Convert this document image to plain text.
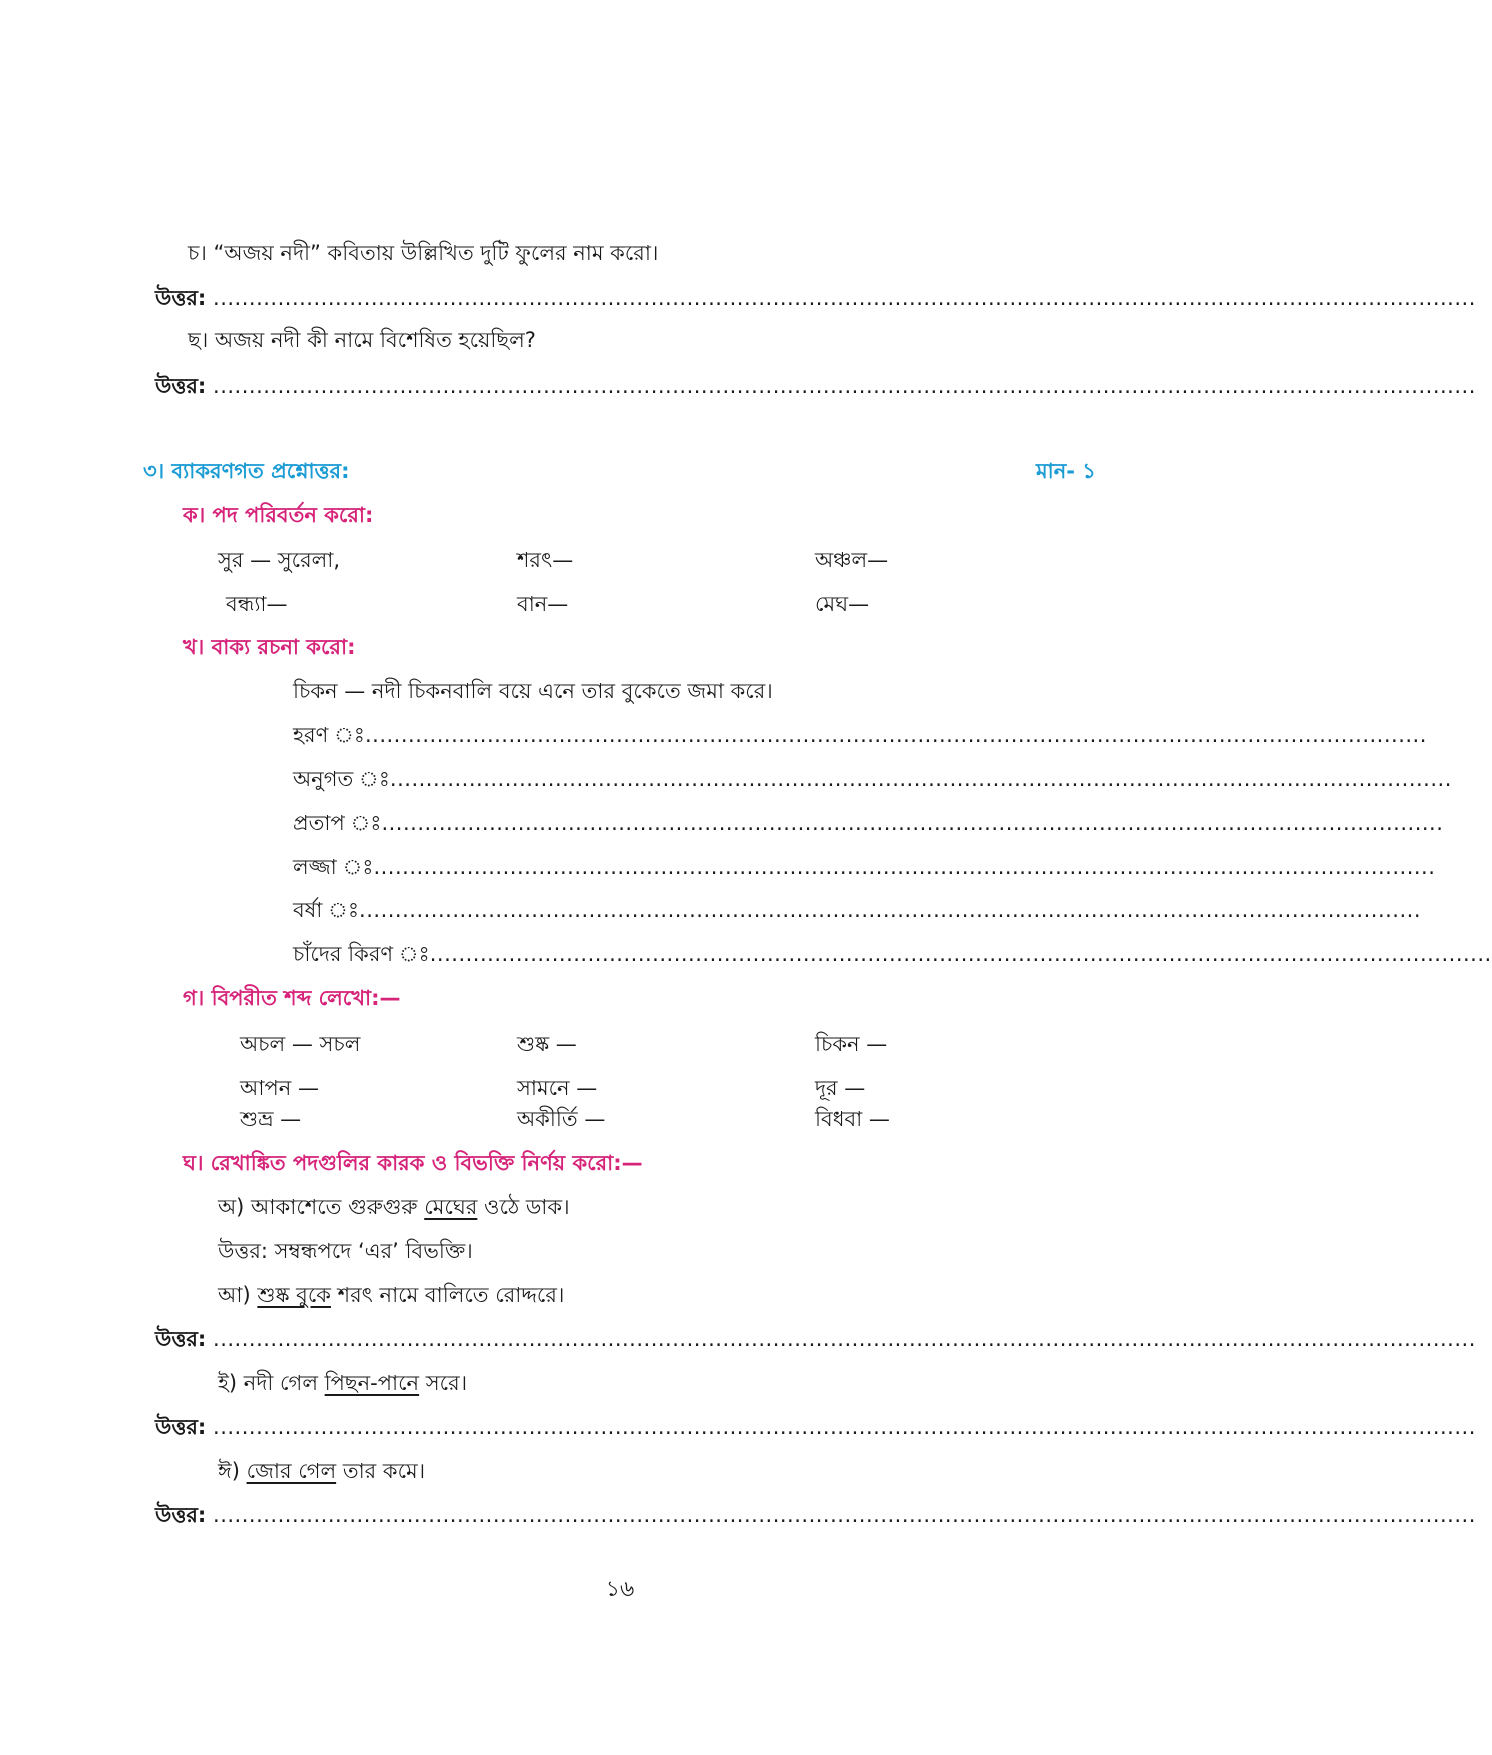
চ। “অজয় নদী” কবিতায় উল্লিখিত দুটি ফুলের নাম করো।
উত্তর: ................................................................................................................................................................................
ছ। অজয় নদী কী নামে বিশেষিত হয়েছিল?
উত্তর: ................................................................................................................................................................................
৩। ব্যাকরণগত প্রশ্নোত্তর:	মান- ১
ক। পদ পরিবর্তন করো:
সুর — সুরেলা,	শরৎ—	অঞ্চল—
বন্ধ্যা—	বান—	মেঘ—
খ। বাক্য রচনা করো:
চিকন — নদী চিকনবালি বয়ে এনে তার বুকেতে জমা করে।
হরণ ঃ....................................................................................................................................................
অনুগত ঃ....................................................................................................................................................
প্রতাপ ঃ....................................................................................................................................................
লজ্জা ঃ....................................................................................................................................................
বর্ষা ঃ....................................................................................................................................................
চাঁদের কিরণ ঃ....................................................................................................................................................
গ। বিপরীত শব্দ লেখো:—
অচল — সচল	শুষ্ক —	চিকন —
আপন —	সামনে —	দূর —
শুভ্র —	অকীর্তি —	বিধবা —
ঘ। রেখাঙ্কিত পদগুলির কারক ও বিভক্তি নির্ণয় করো:—
অ) আকাশেতে গুরুগুরু মেঘের ওঠে ডাক।
উত্তর: সম্বন্ধপদে ‘এর’ বিভক্তি।
আ) শুষ্ক বুকে শরৎ নামে বালিতে রোদ্দরে।
উত্তর: ................................................................................................................................................................................
ই) নদী গেল পিছন-পানে সরে।
উত্তর: ................................................................................................................................................................................
ঈ) জোর গেল তার কমে।
উত্তর: ................................................................................................................................................................................
১৬
